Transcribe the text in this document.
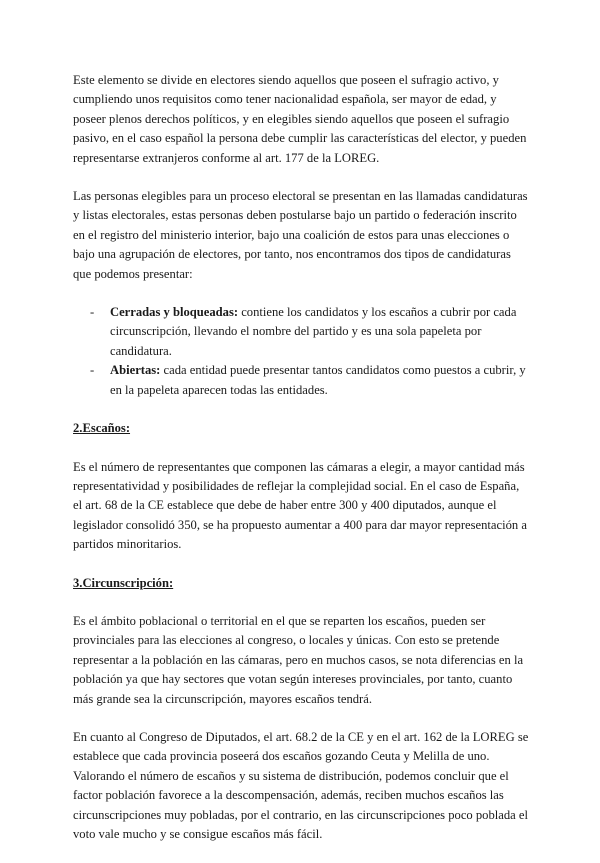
Este elemento se divide en electores siendo aquellos que poseen el sufragio activo, y cumpliendo unos requisitos como tener nacionalidad española, ser mayor de edad, y poseer plenos derechos políticos, y en elegibles siendo aquellos que poseen el sufragio pasivo, en el caso español la persona debe cumplir las características del elector, y pueden representarse extranjeros conforme al art. 177 de la LOREG.

Las personas elegibles para un proceso electoral se presentan en las llamadas candidaturas y listas electorales, estas personas deben postularse bajo un partido o federación inscrito en el registro del ministerio interior, bajo una coalición de estos para unas elecciones o bajo una agrupación de electores, por tanto, nos encontramos dos tipos de candidaturas que podemos presentar:

- Cerradas y bloqueadas: contiene los candidatos y los escaños a cubrir por cada circunscripción, llevando el nombre del partido y es una sola papeleta por candidatura.
- Abiertas: cada entidad puede presentar tantos candidatos como puestos a cubrir, y en la papeleta aparecen todas las entidades.

2.Escaños:

Es el número de representantes que componen las cámaras a elegir, a mayor cantidad más representatividad y posibilidades de reflejar la complejidad social. En el caso de España, el art. 68 de la CE establece que debe de haber entre 300 y 400 diputados, aunque el legislador consolidó 350, se ha propuesto aumentar a 400 para dar mayor representación a partidos minoritarios.

3.Circunscripción:

Es el ámbito poblacional o territorial en el que se reparten los escaños, pueden ser provinciales para las elecciones al congreso, o locales y únicas. Con esto se pretende representar a la población en las cámaras, pero en muchos casos, se nota diferencias en la población ya que hay sectores que votan según intereses provinciales, por tanto, cuanto más grande sea la circunscripción, mayores escaños tendrá.

En cuanto al Congreso de Diputados, el art. 68.2 de la CE y en el art. 162 de la LOREG se establece que cada provincia poseerá dos escaños gozando Ceuta y Melilla de uno. Valorando el número de escaños y su sistema de distribución, podemos concluir que el factor población favorece a la descompensación, además, reciben muchos escaños las circunscripciones muy pobladas, por el contrario, en las circunscripciones poco poblada el voto vale mucho y se consigue escaños más fácil.
